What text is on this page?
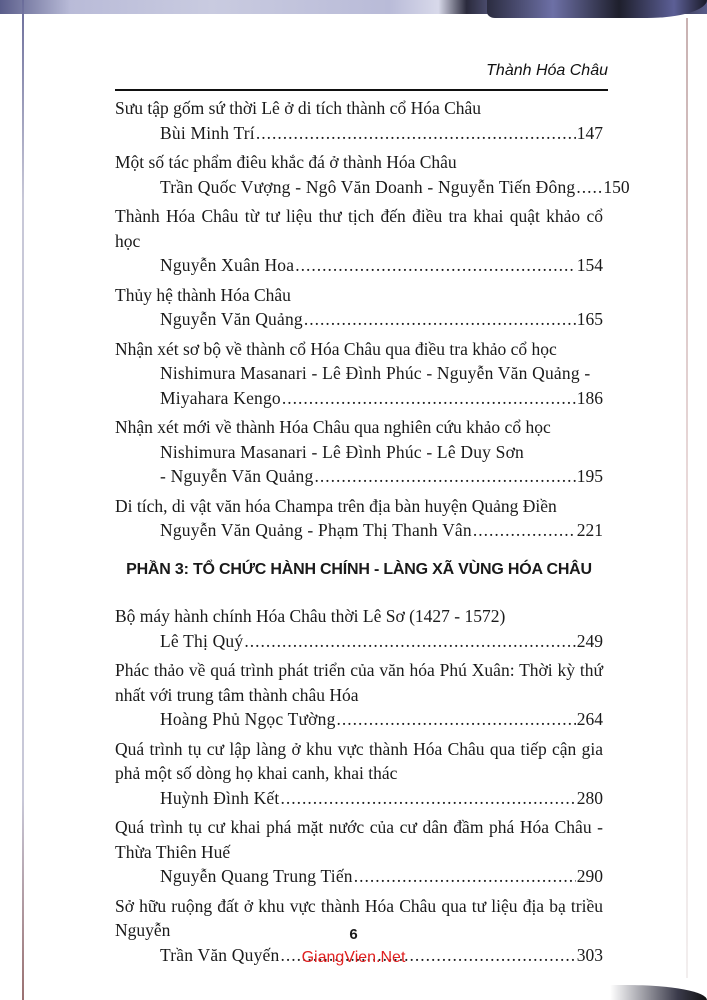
Thành Hóa Châu
Sưu tập gốm sứ thời Lê ở di tích thành cổ Hóa Châu
Bùi Minh Trí .....	147
Một số tác phẩm điêu khắc đá ở thành Hóa Châu
Trần Quốc Vượng - Ngô Văn Doanh - Nguyễn Tiến Đông ..... 150
Thành Hóa Châu từ tư liệu thư tịch đến điều tra khai quật khảo cổ học
Nguyễn Xuân Hoa .....	154
Thủy hệ thành Hóa Châu
Nguyễn Văn Quảng .....	165
Nhận xét sơ bộ về thành cổ Hóa Châu qua điều tra khảo cổ học
Nishimura Masanari - Lê Đình Phúc - Nguyễn Văn Quảng -
Miyahara Kengo .....	186
Nhận xét mới về thành Hóa Châu qua nghiên cứu khảo cổ học
Nishimura Masanari - Lê Đình Phúc - Lê Duy Sơn
- Nguyễn Văn Quảng .....	195
Di tích, di vật văn hóa Champa trên địa bàn huyện Quảng Điền
Nguyễn Văn Quảng - Phạm Thị Thanh Vân .....	221
PHẦN 3: TỔ CHỨC HÀNH CHÍNH - LÀNG XÃ VÙNG HÓA CHÂU
Bộ máy hành chính Hóa Châu thời Lê Sơ (1427 - 1572)
Lê Thị Quý .....	249
Phác thảo về quá trình phát triển của văn hóa Phú Xuân: Thời kỳ thứ nhất với trung tâm thành châu Hóa
Hoàng Phủ Ngọc Tường .....	264
Quá trình tụ cư lập làng ở khu vực thành Hóa Châu qua tiếp cận gia phả một số dòng họ khai canh, khai thác
Huỳnh Đình Kết .....	280
Quá trình tụ cư khai phá mặt nước của cư dân đầm phá Hóa Châu - Thừa Thiên Huế
Nguyễn Quang Trung Tiến .....	290
Sở hữu ruộng đất ở khu vực thành Hóa Châu qua tư liệu địa bạ triều Nguyễn
Trần Văn Quyến .....	303
6
GiangVien.Net
